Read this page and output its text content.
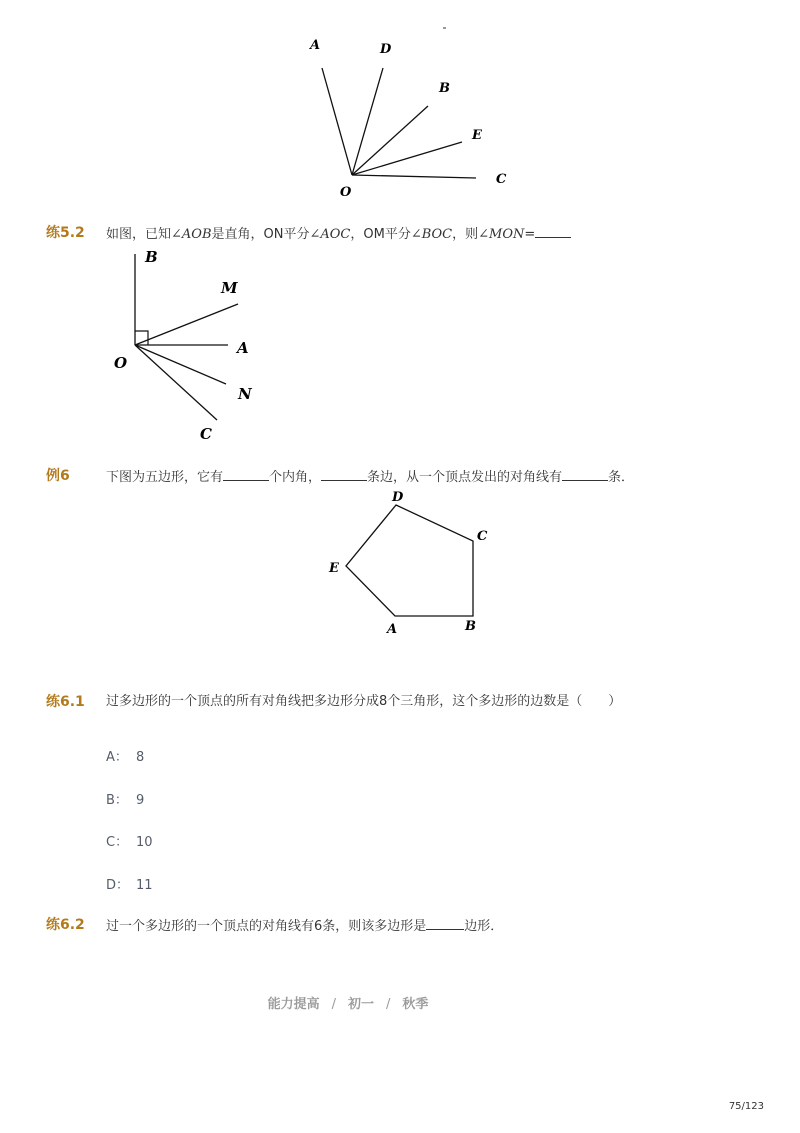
A	D
B
E
C
O
练5.2 如图，已知∠AOB是直角，ON平分∠AOC，OM平分∠BOC，则∠MON=
B
M
A
O
N
C
例6	下图为五边形，它有	个内角，	条边，从一个顶点发出的对角线有	条．
D
C
E
A	B
练6.1 过多边形的一个顶点的所有对角线把多边形分成8个三角形，这个多边形的边数是（　　）
A： 8
B： 9
C： 10
D： 11
练6.2 过一个多边形的一个顶点的对角线有6条，则该多边形是	边形．
能力提高 / 初一 / 秋季
75/123
